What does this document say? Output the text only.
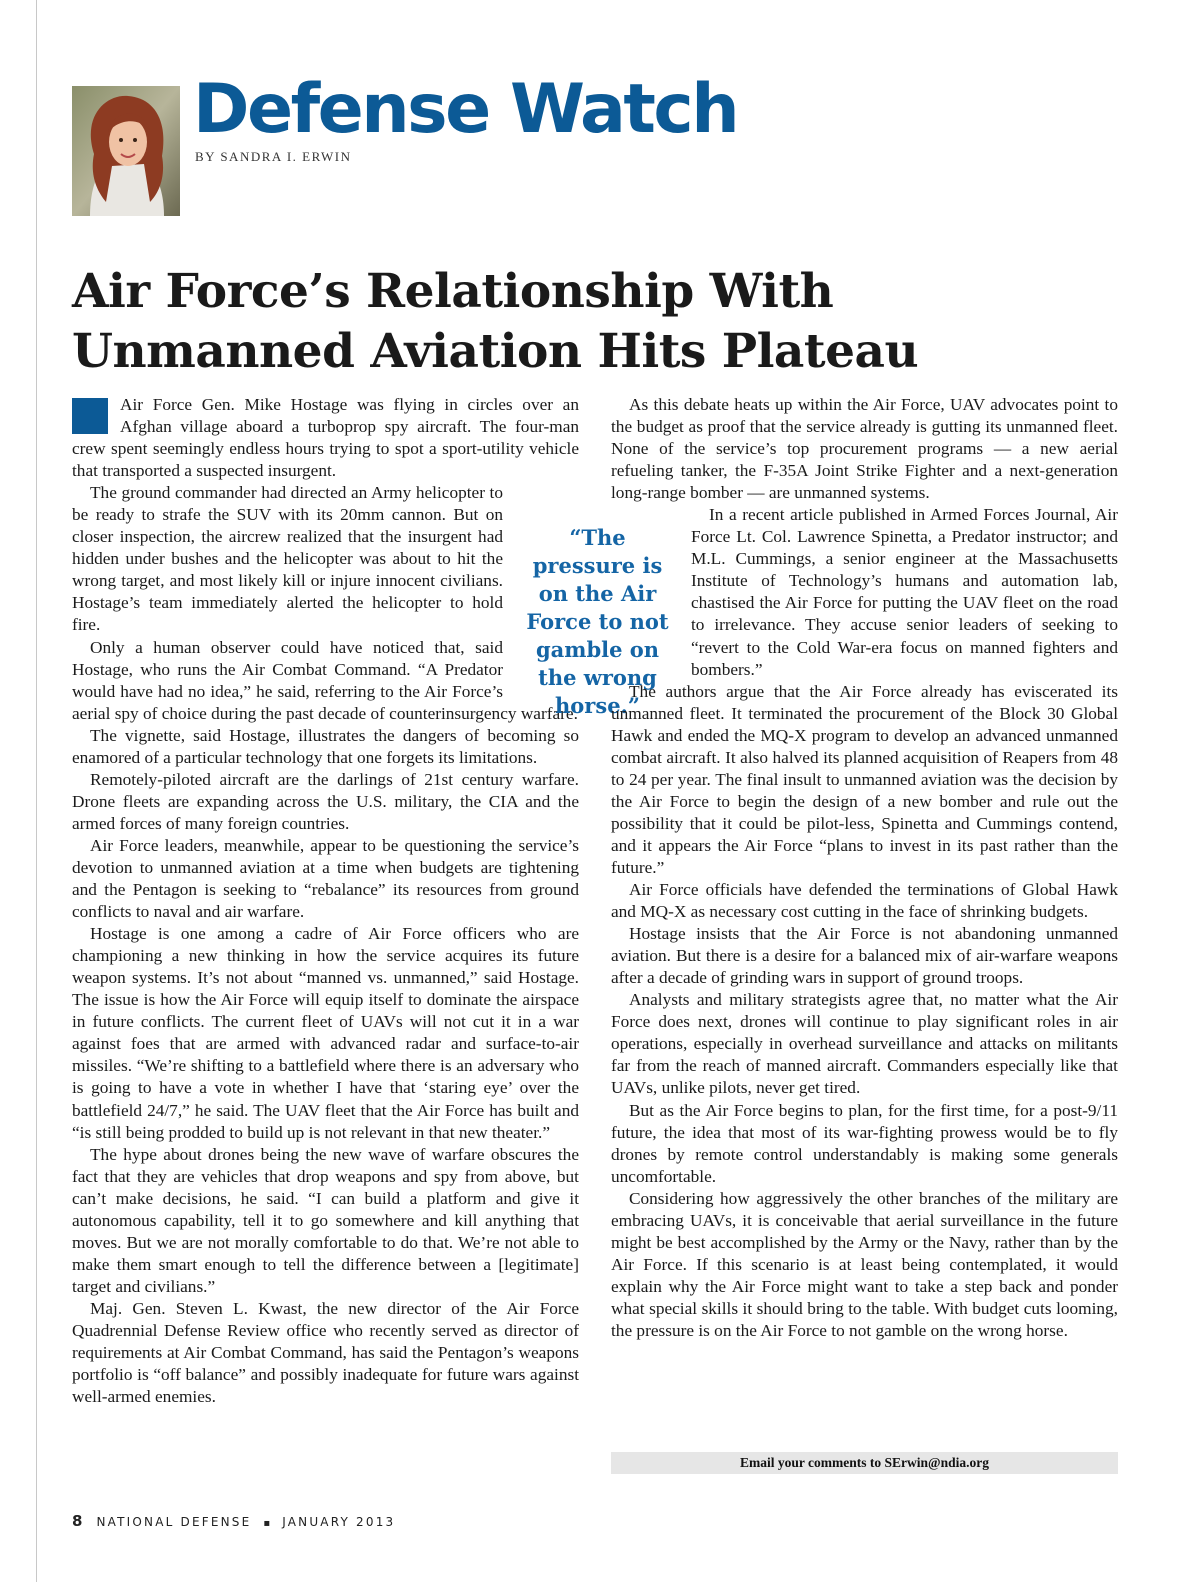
Defense Watch
BY SANDRA I. ERWIN
Air Force’s Relationship With
Unmanned Aviation Hits Plateau

Air Force Gen. Mike Hostage was flying in circles over an Afghan village aboard a turboprop spy aircraft. The four-man crew spent seemingly endless hours trying to spot a sport-utility vehicle that transported a suspected insurgent.

The ground commander had directed an Army helicopter to be ready to strafe the SUV with its 20mm cannon. But on closer inspection, the aircrew realized that the insurgent had hidden under bushes and the helicopter was about to hit the wrong target, and most likely kill or injure innocent civilians. Hostage’s team immediately alerted the helicopter to hold fire.

Only a human observer could have noticed that, said Hostage, who runs the Air Combat Command. “A Predator would have had no idea,” he said, referring to the Air Force’s aerial spy of choice during the past decade of counterinsurgency warfare.

The vignette, said Hostage, illustrates the dangers of becoming so enamored of a particular technology that one forgets its limitations.

Remotely-piloted aircraft are the darlings of 21st century warfare. Drone fleets are expanding across the U.S. military, the CIA and the armed forces of many foreign countries.

Air Force leaders, meanwhile, appear to be questioning the service’s devotion to unmanned aviation at a time when budgets are tightening and the Pentagon is seeking to “rebalance” its resources from ground conflicts to naval and air warfare.

Hostage is one among a cadre of Air Force officers who are championing a new thinking in how the service acquires its future weapon systems. It’s not about “manned vs. unmanned,” said Hostage. The issue is how the Air Force will equip itself to dominate the airspace in future conflicts. The current fleet of UAVs will not cut it in a war against foes that are armed with advanced radar and surface-to-air missiles. “We’re shifting to a battlefield where there is an adversary who is going to have a vote in whether I have that ‘staring eye’ over the battlefield 24/7,” he said. The UAV fleet that the Air Force has built and “is still being prodded to build up is not relevant in that new theater.”

The hype about drones being the new wave of warfare obscures the fact that they are vehicles that drop weapons and spy from above, but can’t make decisions, he said. “I can build a platform and give it autonomous capability, tell it to go somewhere and kill anything that moves. But we are not morally comfortable to do that. We’re not able to make them smart enough to tell the difference between a [legitimate] target and civilians.”

Maj. Gen. Steven L. Kwast, the new director of the Air Force Quadrennial Defense Review office who recently served as director of requirements at Air Combat Command, has said the Pentagon’s weapons portfolio is “off balance” and possibly inadequate for future wars against well-armed enemies.

“The pressure is on the Air Force to not gamble on the wrong horse.”

As this debate heats up within the Air Force, UAV advocates point to the budget as proof that the service already is gutting its unmanned fleet. None of the service’s top procurement programs — a new aerial refueling tanker, the F-35A Joint Strike Fighter and a next-generation long-range bomber — are unmanned systems.

In a recent article published in Armed Forces Journal, Air Force Lt. Col. Lawrence Spinetta, a Predator instructor; and M.L. Cummings, a senior engineer at the Massachusetts Institute of Technology’s humans and automation lab, chastised the Air Force for putting the UAV fleet on the road to irrelevance. They accuse senior leaders of seeking to “revert to the Cold War-era focus on manned fighters and bombers.”

The authors argue that the Air Force already has eviscerated its unmanned fleet. It terminated the procurement of the Block 30 Global Hawk and ended the MQ-X program to develop an advanced unmanned combat aircraft. It also halved its planned acquisition of Reapers from 48 to 24 per year. The final insult to unmanned aviation was the decision by the Air Force to begin the design of a new bomber and rule out the possibility that it could be pilot-less, Spinetta and Cummings contend, and it appears the Air Force “plans to invest in its past rather than the future.”

Air Force officials have defended the terminations of Global Hawk and MQ-X as necessary cost cutting in the face of shrinking budgets.

Hostage insists that the Air Force is not abandoning unmanned aviation. But there is a desire for a balanced mix of air-warfare weapons after a decade of grinding wars in support of ground troops.

Analysts and military strategists agree that, no matter what the Air Force does next, drones will continue to play significant roles in air operations, especially in overhead surveillance and attacks on militants far from the reach of manned aircraft. Commanders especially like that UAVs, unlike pilots, never get tired.

But as the Air Force begins to plan, for the first time, for a post-9/11 future, the idea that most of its war-fighting prowess would be to fly drones by remote control understandably is making some generals uncomfortable.

Considering how aggressively the other branches of the military are embracing UAVs, it is conceivable that aerial surveillance in the future might be best accomplished by the Army or the Navy, rather than by the Air Force. If this scenario is at least being contemplated, it would explain why the Air Force might want to take a step back and ponder what special skills it should bring to the table. With budget cuts looming, the pressure is on the Air Force to not gamble on the wrong horse.

Email your comments to SErwin@ndia.org
8 NATIONAL DEFENSE ▪ JANUARY 2013
